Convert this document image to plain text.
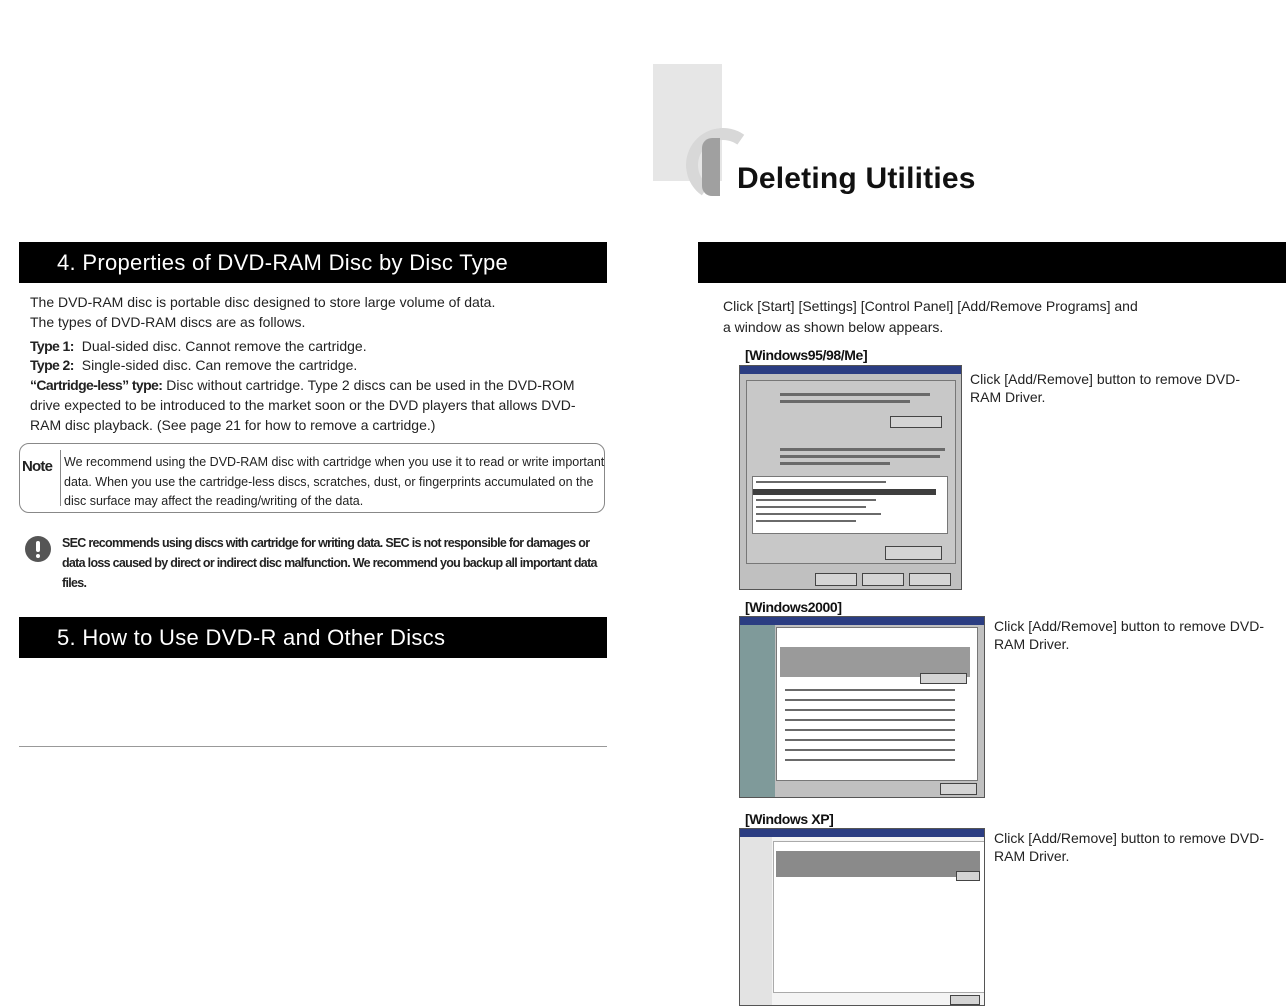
4. Properties of DVD-RAM Disc by Disc Type

The DVD-RAM disc is portable disc designed to store large volume of data.

The types of DVD-RAM discs are as follows.

Type 1: Dual-sided disc. Cannot remove the cartridge.

Type 2: Single-sided disc. Can remove the cartridge.

“Cartridge-less” type: Disc without cartridge. Type 2 discs can be used in the DVD-ROM drive expected to be introduced to the market soon or the DVD players that allows DVD-RAM disc playback. (See page 21 for how to remove a cartridge.)

Note We recommend using the DVD-RAM disc with cartridge when you use it to read or write important data. When you use the cartridge-less discs, scratches, dust, or fingerprints accumulated on the disc surface may affect the reading/writing of the data.
SEC recommends using discs with cartridge for writing data. SEC is not responsible for damages or data loss caused by direct or indirect disc malfunction. We recommend you backup all important data files.
5. How to Use DVD-R and Other Discs
Deleting Utilities
Click [Start] [Settings] [Control Panel] [Add/Remove Programs] and
a window as shown below appears.
[Windows95/98/Me]
Click [Add/Remove] button to remove DVD-RAM Driver.
[Windows2000]
Click [Add/Remove] button to remove DVD-RAM Driver.
[Windows XP]
Click [Add/Remove] button to remove DVD-RAM Driver.
